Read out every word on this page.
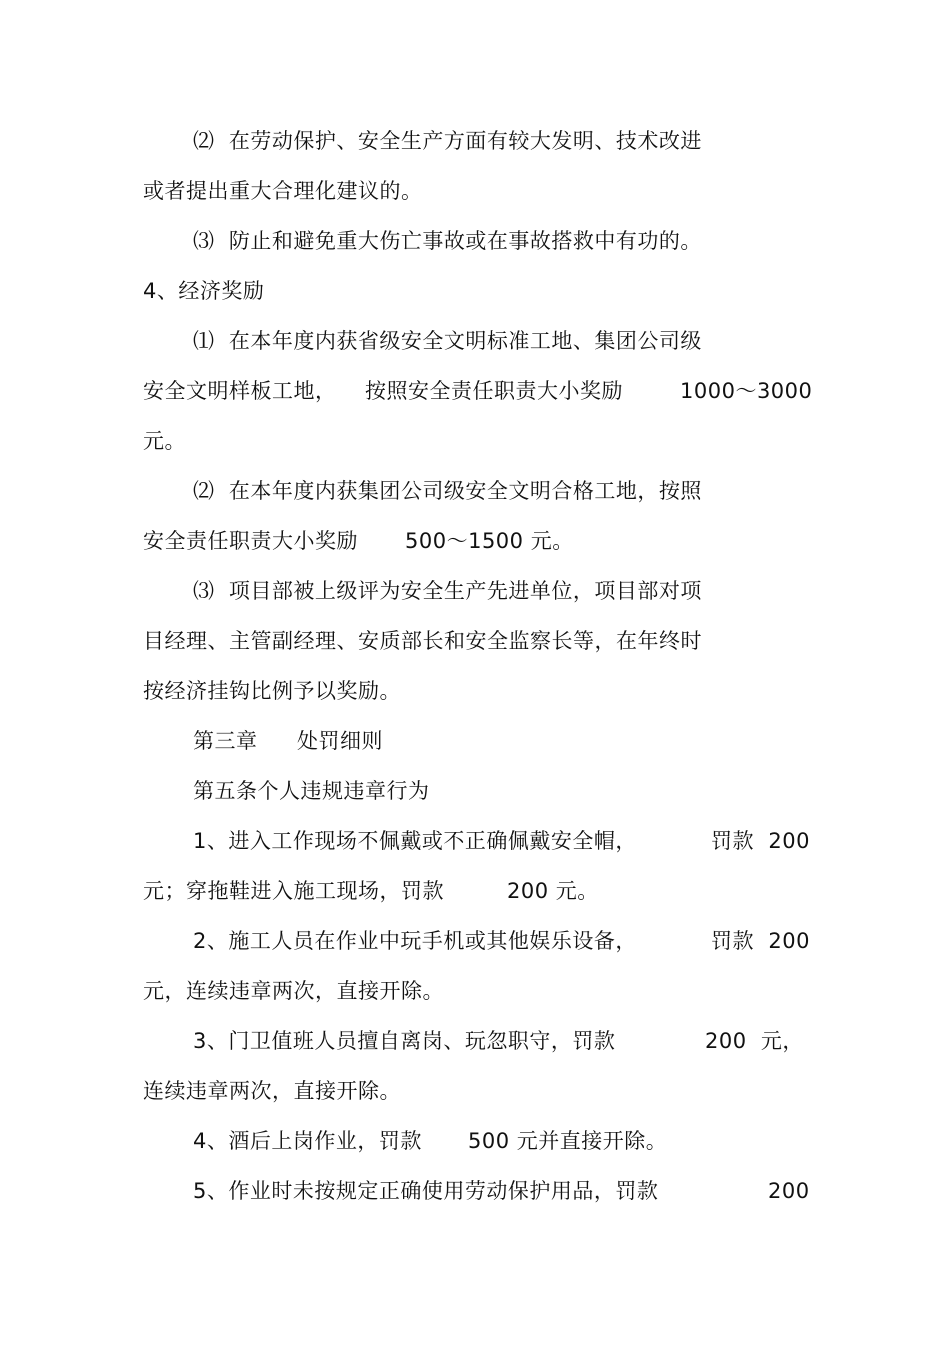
⑵  在劳动保护、安全生产方面有较大发明、技术改进
或者提出重大合理化建议的。
⑶  防止和避免重大伤亡事故或在事故搭救中有功的。
4、经济奖励
⑴  在本年度内获省级安全文明标准工地、集团公司级
安全文明样板工地， 按照安全责任职责大小奖励	1000～3000
元。
⑵  在本年度内获集团公司级安全文明合格工地，按照
安全责任职责大小奖励 500～1500 元。
⑶  项目部被上级评为安全生产先进单位，项目部对项
目经理、主管副经理、安质部长和安全监察长等，在年终时
按经济挂钩比例予以奖励。
第三章 处罚细则
第五条个人违规违章行为
1、进入工作现场不佩戴或不正确佩戴安全帽，	罚款  200
元；穿拖鞋进入施工现场，罚款	200 元。
2、施工人员在作业中玩手机或其他娱乐设备，	罚款  200
元，连续违章两次，直接开除。
3、门卫值班人员擅自离岗、玩忽职守，罚款	200  元，
连续违章两次，直接开除。
4、酒后上岗作业，罚款 500 元并直接开除。
5、作业时未按规定正确使用劳动保护用品，罚款	200
